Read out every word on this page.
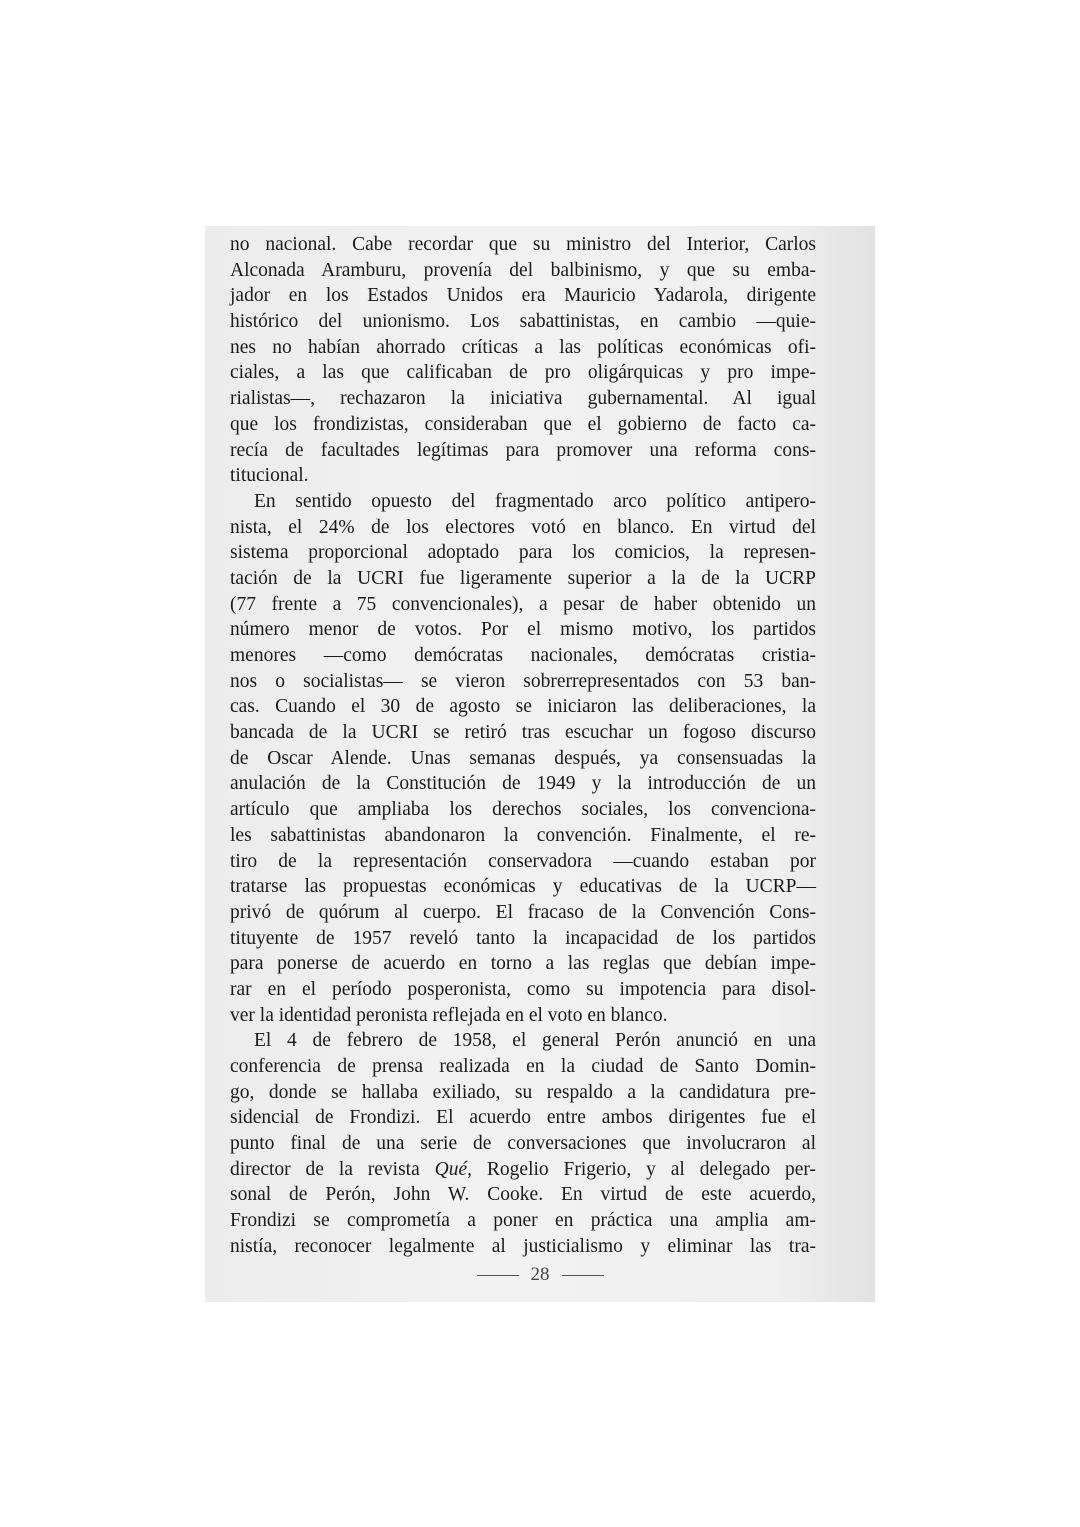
no nacional. Cabe recordar que su ministro del Interior, Carlos
Alconada Aramburu, provenía del balbinismo, y que su emba-
jador en los Estados Unidos era Mauricio Yadarola, dirigente
histórico del unionismo. Los sabattinistas, en cambio —quie-
nes no habían ahorrado críticas a las políticas económicas ofi-
ciales, a las que calificaban de pro oligárquicas y pro impe-
rialistas—, rechazaron la iniciativa gubernamental. Al igual
que los frondizistas, consideraban que el gobierno de facto ca-
recía de facultades legítimas para promover una reforma cons-
titucional.
En sentido opuesto del fragmentado arco político antipero-
nista, el 24% de los electores votó en blanco. En virtud del
sistema proporcional adoptado para los comicios, la represen-
tación de la UCRI fue ligeramente superior a la de la UCRP
(77 frente a 75 convencionales), a pesar de haber obtenido un
número menor de votos. Por el mismo motivo, los partidos
menores —como demócratas nacionales, demócratas cristia-
nos o socialistas— se vieron sobrerrepresentados con 53 ban-
cas. Cuando el 30 de agosto se iniciaron las deliberaciones, la
bancada de la UCRI se retiró tras escuchar un fogoso discurso
de Oscar Alende. Unas semanas después, ya consensuadas la
anulación de la Constitución de 1949 y la introducción de un
artículo que ampliaba los derechos sociales, los convenciona-
les sabattinistas abandonaron la convención. Finalmente, el re-
tiro de la representación conservadora —cuando estaban por
tratarse las propuestas económicas y educativas de la UCRP—
privó de quórum al cuerpo. El fracaso de la Convención Cons-
tituyente de 1957 reveló tanto la incapacidad de los partidos
para ponerse de acuerdo en torno a las reglas que debían impe-
rar en el período posperonista, como su impotencia para disol-
ver la identidad peronista reflejada en el voto en blanco.
El 4 de febrero de 1958, el general Perón anunció en una
conferencia de prensa realizada en la ciudad de Santo Domin-
go, donde se hallaba exiliado, su respaldo a la candidatura pre-
sidencial de Frondizi. El acuerdo entre ambos dirigentes fue el
punto final de una serie de conversaciones que involucraron al
director de la revista Qué, Rogelio Frigerio, y al delegado per-
sonal de Perón, John W. Cooke. En virtud de este acuerdo,
Frondizi se comprometía a poner en práctica una amplia am-
nistía, reconocer legalmente al justicialismo y eliminar las tra-
28
